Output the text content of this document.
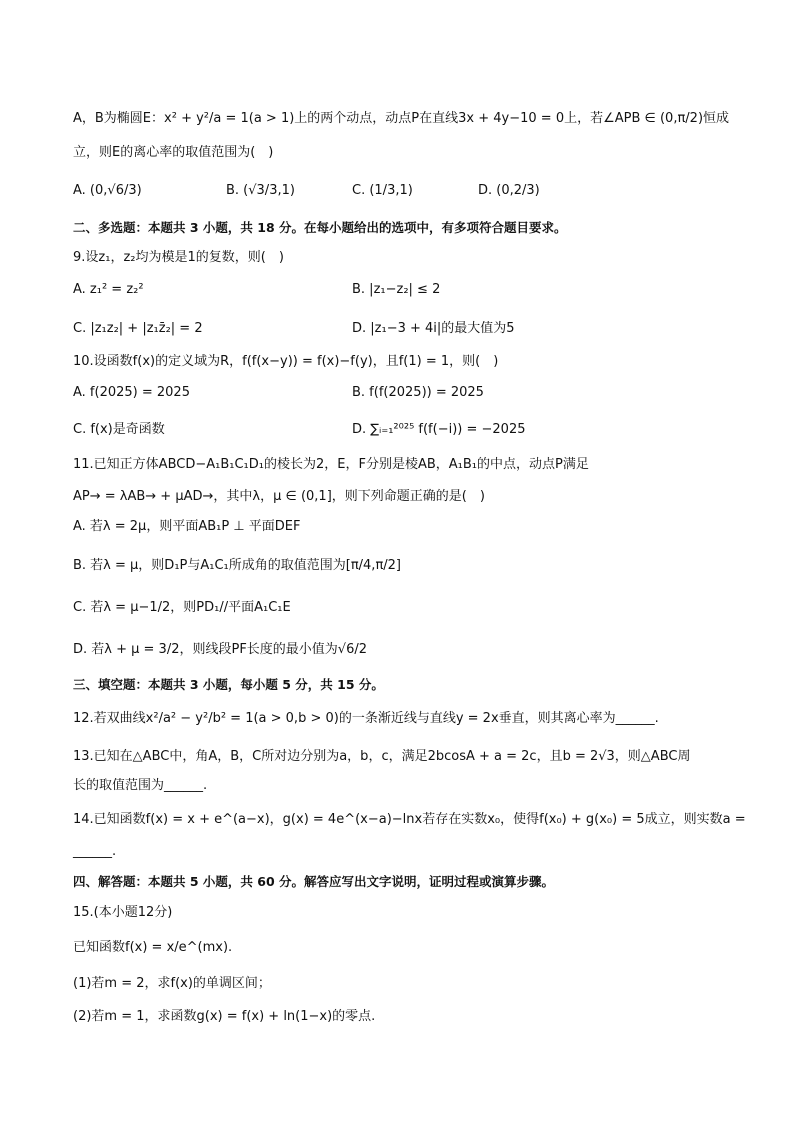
A，B为椭圆E：x² + y²/a = 1(a > 1)上的两个动点，动点P在直线3x + 4y−10 = 0上，若∠APB ∈ (0,π/2)恒成
立，则E的离心率的取值范围为(　)
A. (0,√6/3)	B. (√3/3,1)	C. (1/3,1)	D. (0,2/3)
二、多选题：本题共 3 小题，共 18 分。在每小题给出的选项中，有多项符合题目要求。
9.设z₁，z₂均为模是1的复数，则(　)
A. z₁² = z₂²	B. |z₁−z₂| ≤ 2
C. |z₁z₂| + |z₁z̄₂| = 2	D. |z₁−3 + 4i|的最大值为5
10.设函数f(x)的定义域为R，f(f(x−y)) = f(x)−f(y)，且f(1) = 1，则(　)
A. f(2025) = 2025	B. f(f(2025)) = 2025
C. f(x)是奇函数	D. ∑ᵢ₌₁²⁰²⁵ f(f(−i)) = −2025
11.已知正方体ABCD−A₁B₁C₁D₁的棱长为2，E，F分别是棱AB，A₁B₁的中点，动点P满足
AP→ = λAB→ + μAD→，其中λ，μ ∈ (0,1]，则下列命题正确的是(　)
A. 若λ = 2μ，则平面AB₁P ⊥ 平面DEF
B. 若λ = μ，则D₁P与A₁C₁所成角的取值范围为[π/4,π/2]
C. 若λ = μ−1/2，则PD₁//平面A₁C₁E
D. 若λ + μ = 3/2，则线段PF长度的最小值为√6/2
三、填空题：本题共 3 小题，每小题 5 分，共 15 分。
12.若双曲线x²/a² − y²/b² = 1(a > 0,b > 0)的一条渐近线与直线y = 2x垂直，则其离心率为______.
13.已知在△ABC中，角A，B，C所对边分别为a，b，c，满足2bcosA + a = 2c，且b = 2√3，则△ABC周
长的取值范围为______.
14.已知函数f(x) = x + e^(a−x)，g(x) = 4e^(x−a)−lnx若存在实数x₀，使得f(x₀) + g(x₀) = 5成立，则实数a =
______.
四、解答题：本题共 5 小题，共 60 分。解答应写出文字说明，证明过程或演算步骤。
15.(本小题12分)
已知函数f(x) = x/e^(mx).
(1)若m = 2，求f(x)的单调区间；
(2)若m = 1，求函数g(x) = f(x) + ln(1−x)的零点.
